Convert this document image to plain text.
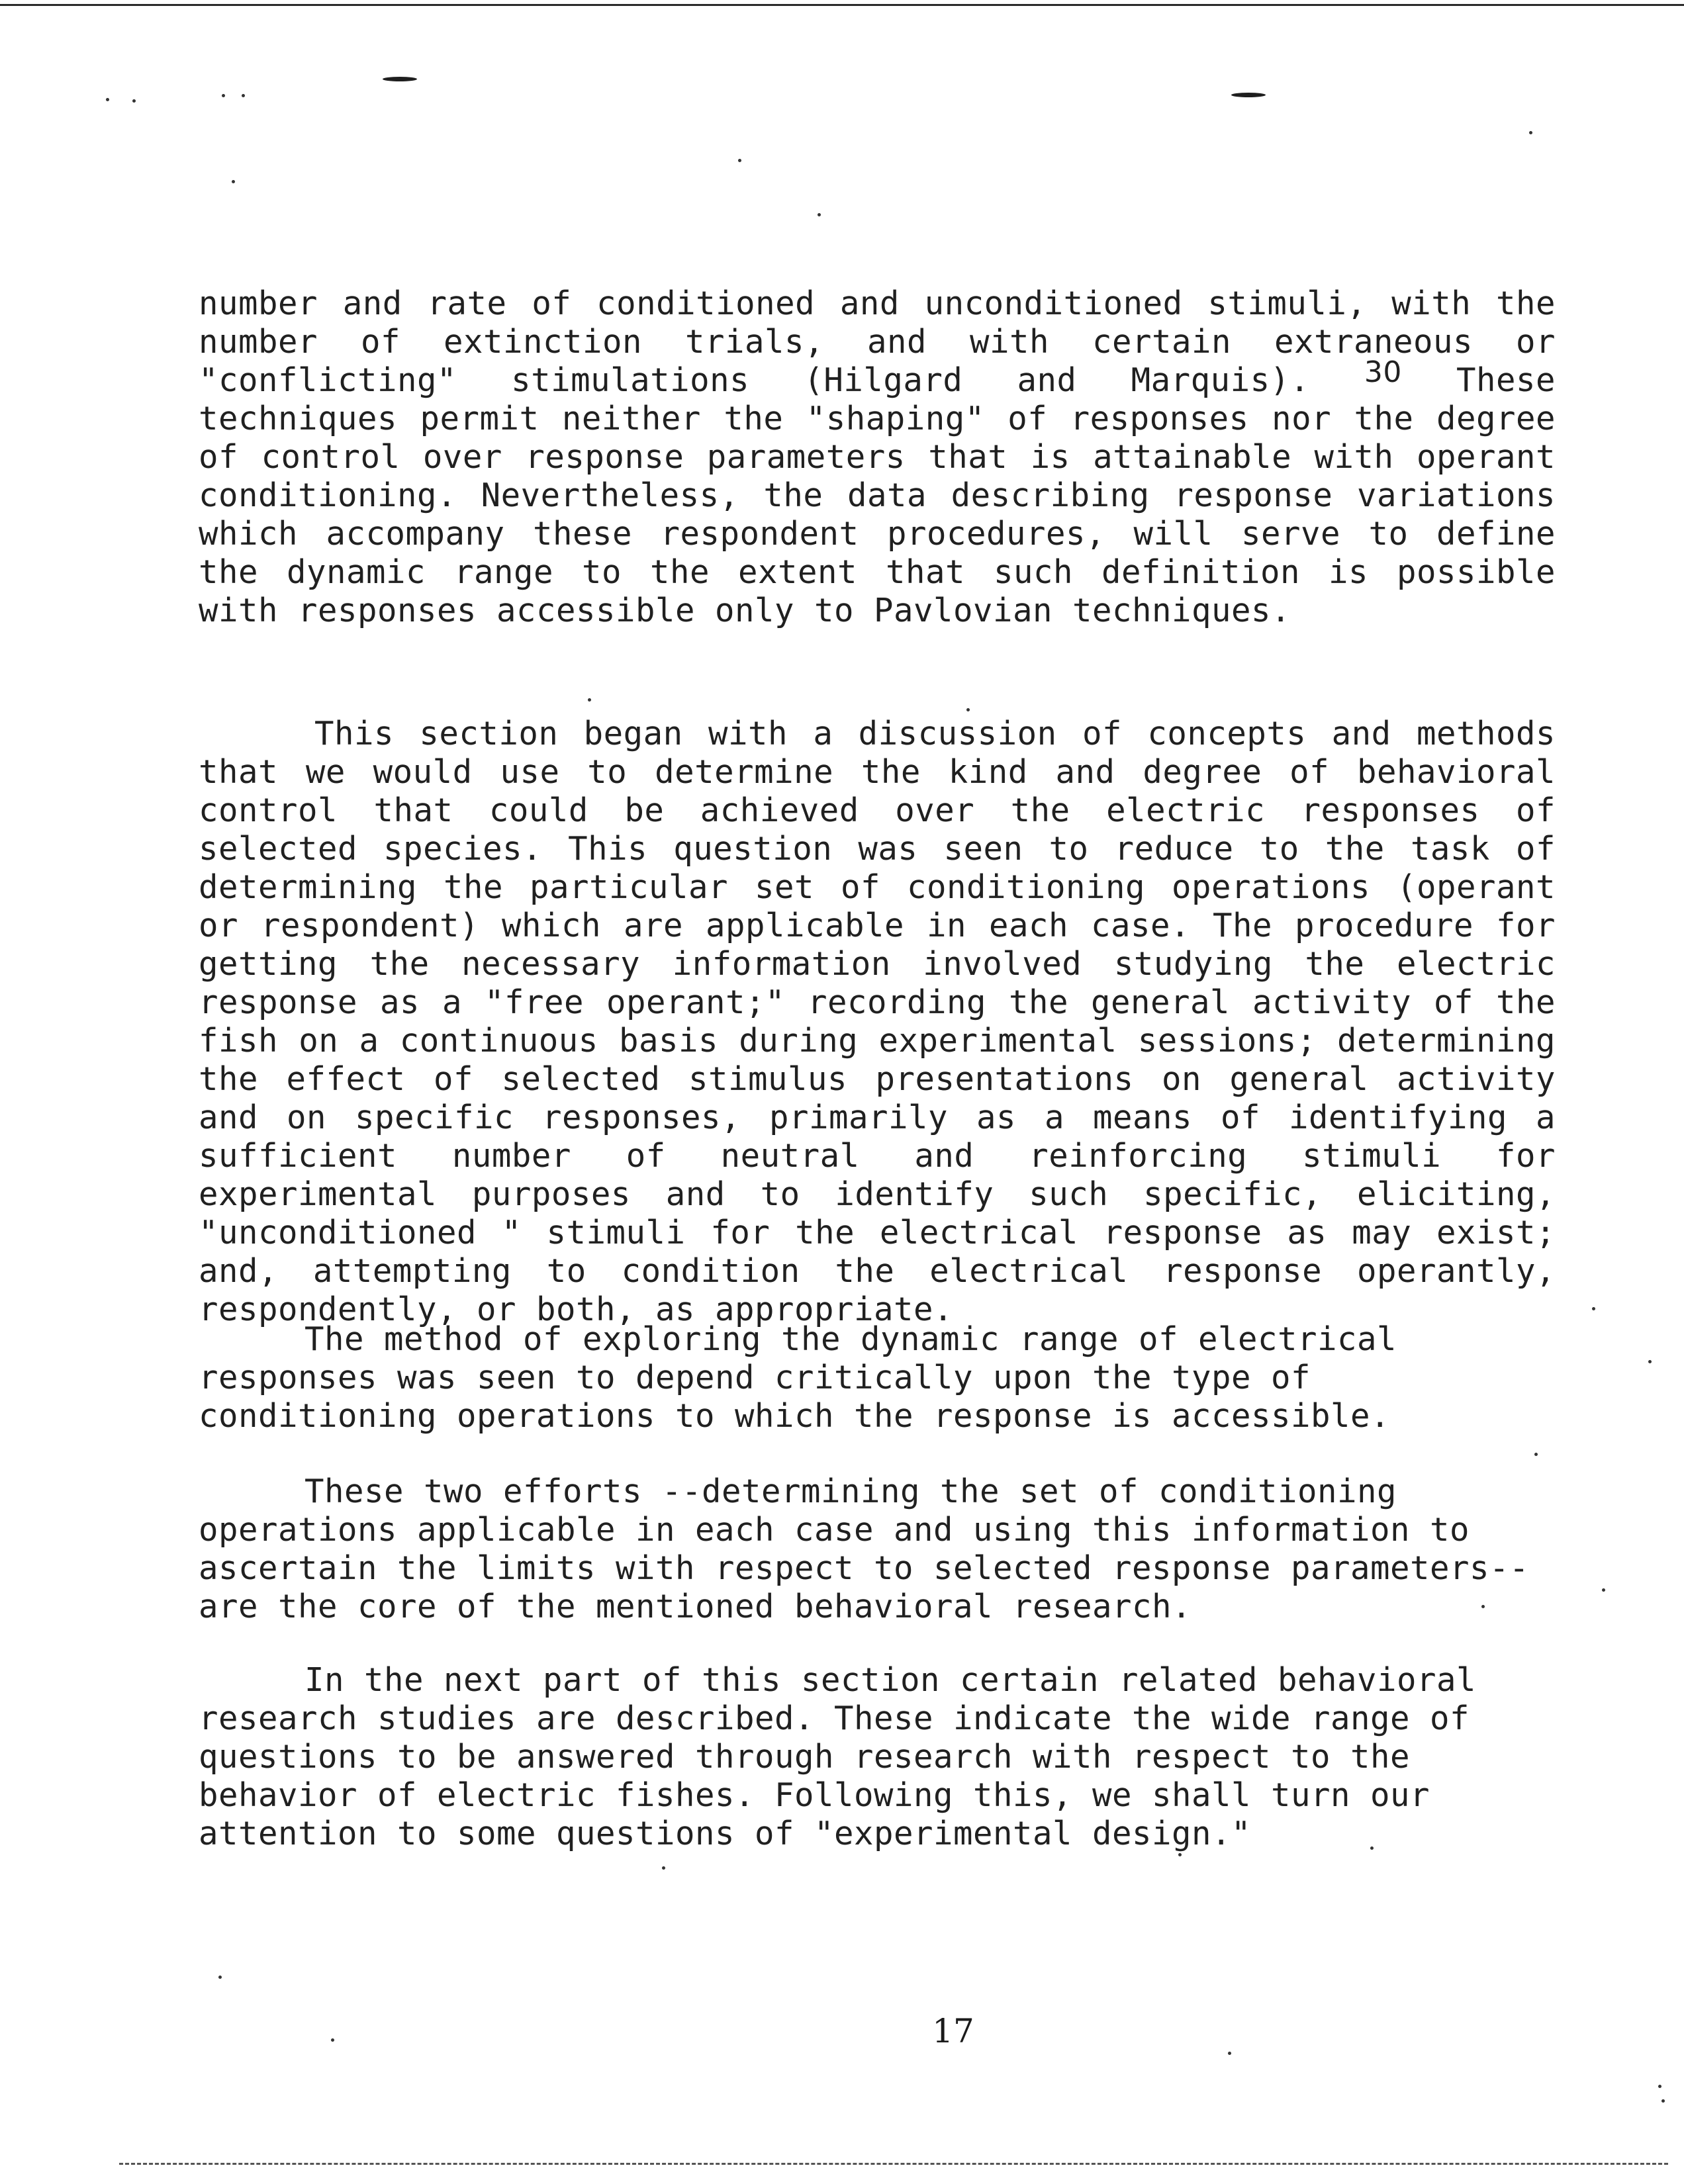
number and rate of conditioned and unconditioned stimuli, with the number of extinction trials, and with certain extraneous or "conflicting" stimulations (Hilgard and Marquis). $^{30}$ These techniques permit neither the "shaping" of responses nor the degree of control over response parameters that is attainable with operant conditioning. Nevertheless, the data describing response variations which accompany these respondent procedures, will serve to define the dynamic range to the extent that such definition is possible with responses accessible only to Pavlovian techniques.

This section began with a discussion of concepts and methods that we would use to determine the kind and degree of behavioral control that could be achieved over the electric responses of selected species. This question was seen to reduce to the task of determining the particular set of conditioning operations (operant or respondent) which are applicable in each case. The procedure for getting the necessary information involved studying the electric response as a "free operant;" recording the general activity of the fish on a continuous basis during experimental sessions; determining the effect of selected stimulus presentations on general activity and on specific responses, primarily as a means of identifying a sufficient number of neutral and reinforcing stimuli for experimental purposes and to identify such specific, eliciting, "unconditioned " stimuli for the electrical response as may exist; and, attempting to condition the electrical response operantly, respondently, or both, as appropriate.

The method of exploring the dynamic range of electrical responses was seen to depend critically upon the type of conditioning operations to which the response is accessible.

These two efforts --determining the set of conditioning operations applicable in each case and using this information to ascertain the limits with respect to selected response parameters-- are the core of the mentioned behavioral research.

In the next part of this section certain related behavioral research studies are described. These indicate the wide range of questions to be answered through research with respect to the behavior of electric fishes. Following this, we shall turn our attention to some questions of "experimental design."

17
